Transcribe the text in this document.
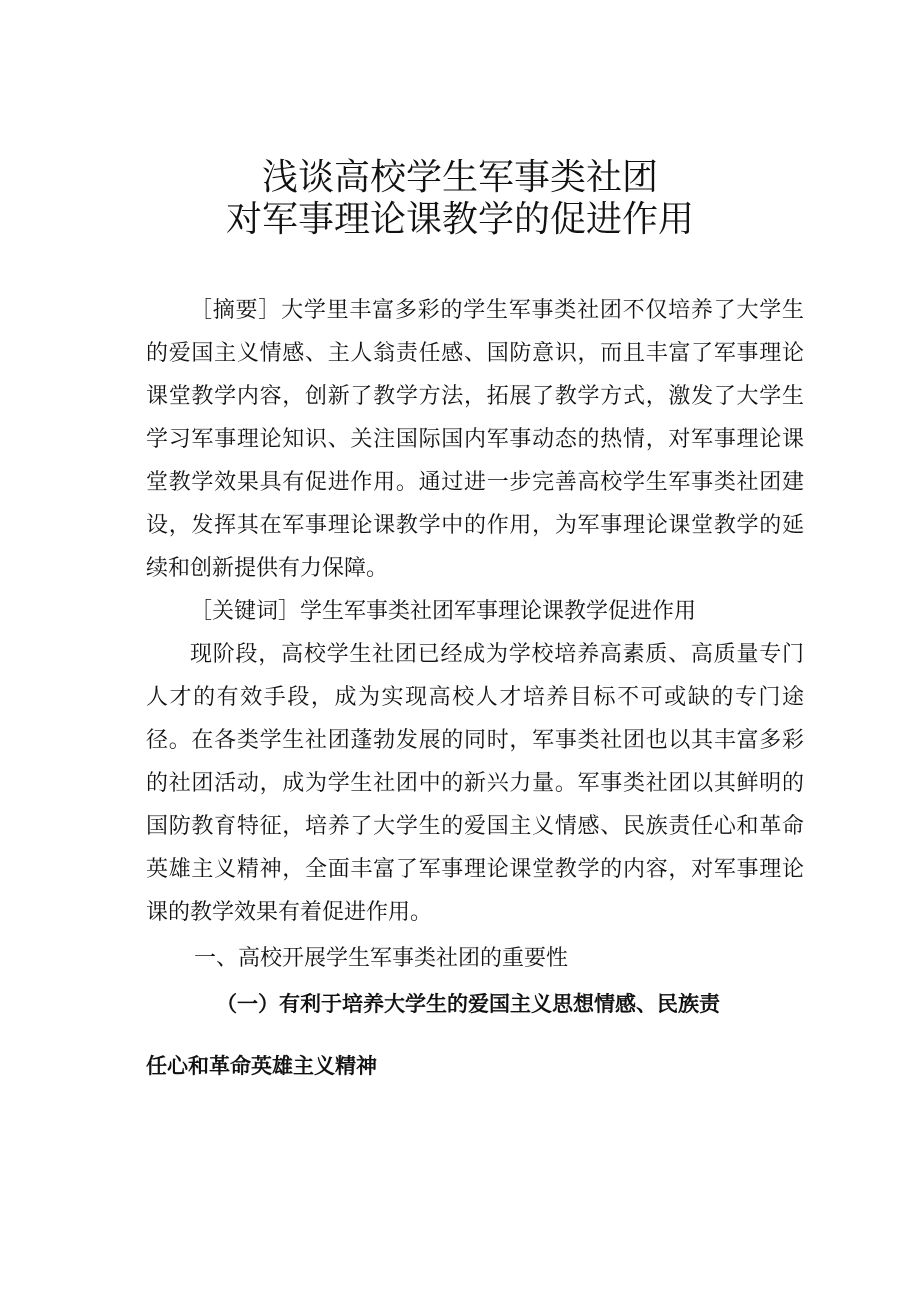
浅谈高校学生军事类社团
对军事理论课教学的促进作用

［摘要］大学里丰富多彩的学生军事类社团不仅培养了大学生的爱国主义情感、主人翁责任感、国防意识，而且丰富了军事理论课堂教学内容，创新了教学方法，拓展了教学方式，激发了大学生学习军事理论知识、关注国际国内军事动态的热情，对军事理论课堂教学效果具有促进作用。通过进一步完善高校学生军事类社团建设，发挥其在军事理论课教学中的作用，为军事理论课堂教学的延续和创新提供有力保障。

［关键词］学生军事类社团军事理论课教学促进作用

现阶段，高校学生社团已经成为学校培养高素质、高质量专门人才的有效手段，成为实现高校人才培养目标不可或缺的专门途径。在各类学生社团蓬勃发展的同时，军事类社团也以其丰富多彩的社团活动，成为学生社团中的新兴力量。军事类社团以其鲜明的国防教育特征，培养了大学生的爱国主义情感、民族责任心和革命英雄主义精神，全面丰富了军事理论课堂教学的内容，对军事理论课的教学效果有着促进作用。

一、高校开展学生军事类社团的重要性
（一）有利于培养大学生的爱国主义思想情感、民族责
任心和革命英雄主义精神
